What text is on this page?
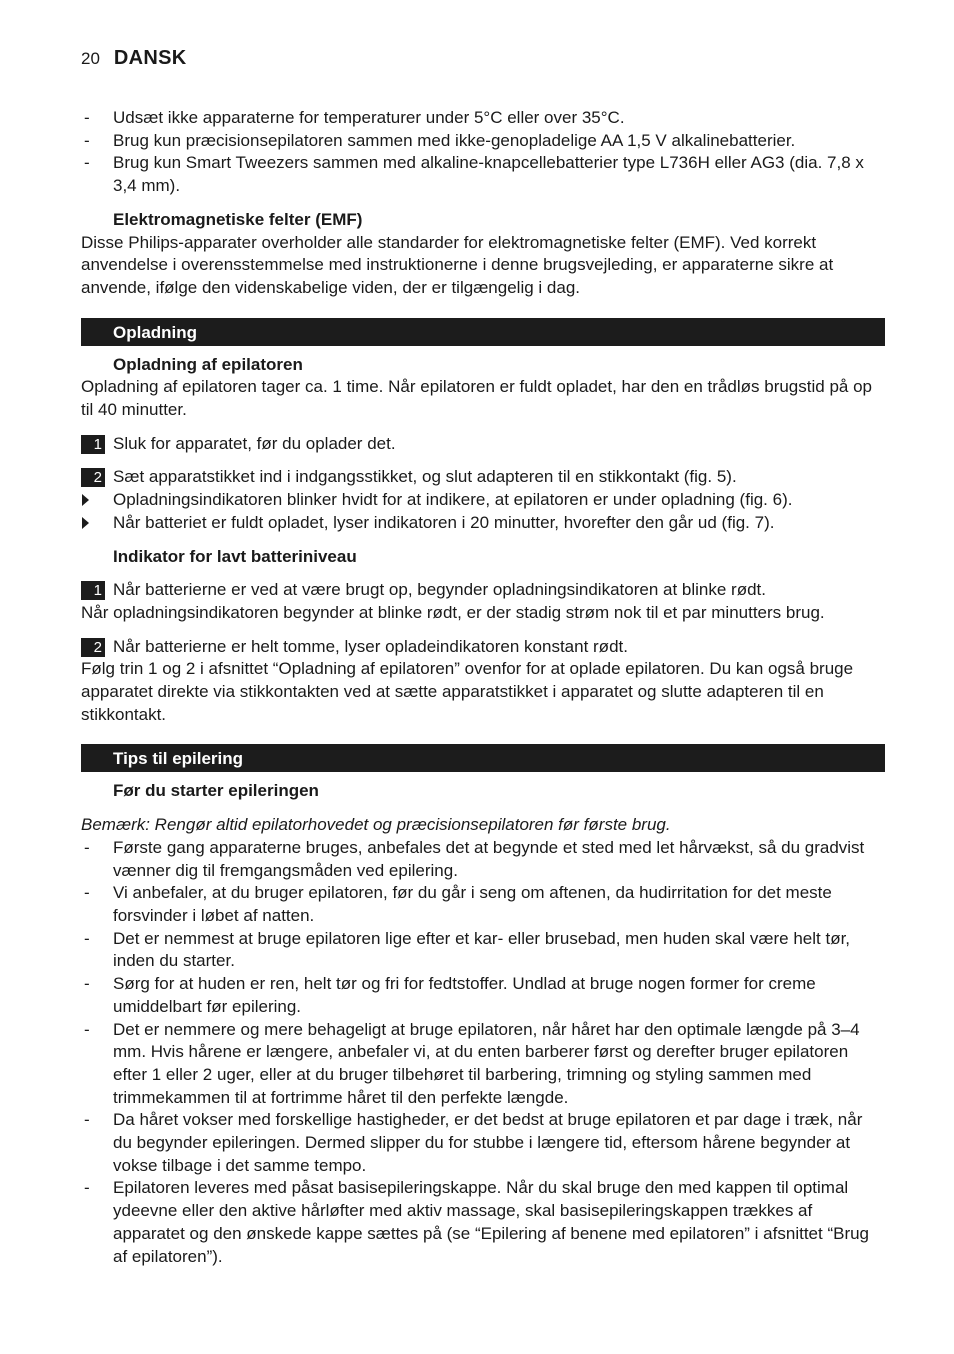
20 DANSK
- Udsæt ikke apparaterne for temperaturer under 5°C eller over 35°C.
- Brug kun præcisionsepilatoren sammen med ikke-genopladelige AA 1,5 V alkalinebatterier.
- Brug kun Smart Tweezers sammen med alkaline-knapcellebatterier type L736H eller AG3 (dia. 7,8 x 3,4 mm).

Elektromagnetiske felter (EMF)

Disse Philips-apparater overholder alle standarder for elektromagnetiske felter (EMF). Ved korrekt anvendelse i overensstemmelse med instruktionerne i denne brugsvejleding, er apparaterne sikre at anvende, ifølge den videnskabelige viden, der er tilgængelig i dag.

Opladning

Opladning af epilatoren

Opladning af epilatoren tager ca. 1 time. Når epilatoren er fuldt opladet, har den en trådløs brugstid på op til 40 minutter.

1 Sluk for apparatet, før du oplader det.
2 Sæt apparatstikket ind i indgangsstikket, og slut adapteren til en stikkontakt (fig. 5).
Opladningsindikatoren blinker hvidt for at indikere, at epilatoren er under opladning (fig. 6).
Når batteriet er fuldt opladet, lyser indikatoren i 20 minutter, hvorefter den går ud (fig. 7).

Indikator for lavt batteriniveau

1 Når batterierne er ved at være brugt op, begynder opladningsindikatoren at blinke rødt.

Når opladningsindikatoren begynder at blinke rødt, er der stadig strøm nok til et par minutters brug.

2 Når batterierne er helt tomme, lyser opladeindikatoren konstant rødt.

Følg trin 1 og 2 i afsnittet “Opladning af epilatoren” ovenfor for at oplade epilatoren. Du kan også bruge apparatet direkte via stikkontakten ved at sætte apparatstikket i apparatet og slutte adapteren til en stikkontakt.

Tips til epilering

Før du starter epileringen

Bemærk: Rengør altid epilatorhovedet og præcisionsepilatoren før første brug.

- Første gang apparaterne bruges, anbefales det at begynde et sted med let hårvækst, så du gradvist vænner dig til fremgangsmåden ved epilering.
- Vi anbefaler, at du bruger epilatoren, før du går i seng om aftenen, da hudirritation for det meste forsvinder i løbet af natten.
- Det er nemmest at bruge epilatoren lige efter et kar- eller brusebad, men huden skal være helt tør, inden du starter.
- Sørg for at huden er ren, helt tør og fri for fedtstoffer. Undlad at bruge nogen former for creme umiddelbart før epilering.
- Det er nemmere og mere behageligt at bruge epilatoren, når håret har den optimale længde på 3–4 mm. Hvis hårene er længere, anbefaler vi, at du enten barberer først og derefter bruger epilatoren efter 1 eller 2 uger, eller at du bruger tilbehøret til barbering, trimning og styling sammen med trimmekammen til at fortrimme håret til den perfekte længde.
- Da håret vokser med forskellige hastigheder, er det bedst at bruge epilatoren et par dage i træk, når du begynder epileringen. Dermed slipper du for stubbe i længere tid, eftersom hårene begynder at vokse tilbage i det samme tempo.
- Epilatoren leveres med påsat basisepileringskappe. Når du skal bruge den med kappen til optimal ydeevne eller den aktive hårløfter med aktiv massage, skal basisepileringskappen trækkes af apparatet og den ønskede kappe sættes på (se “Epilering af benene med epilatoren” i afsnittet “Brug af epilatoren”).
